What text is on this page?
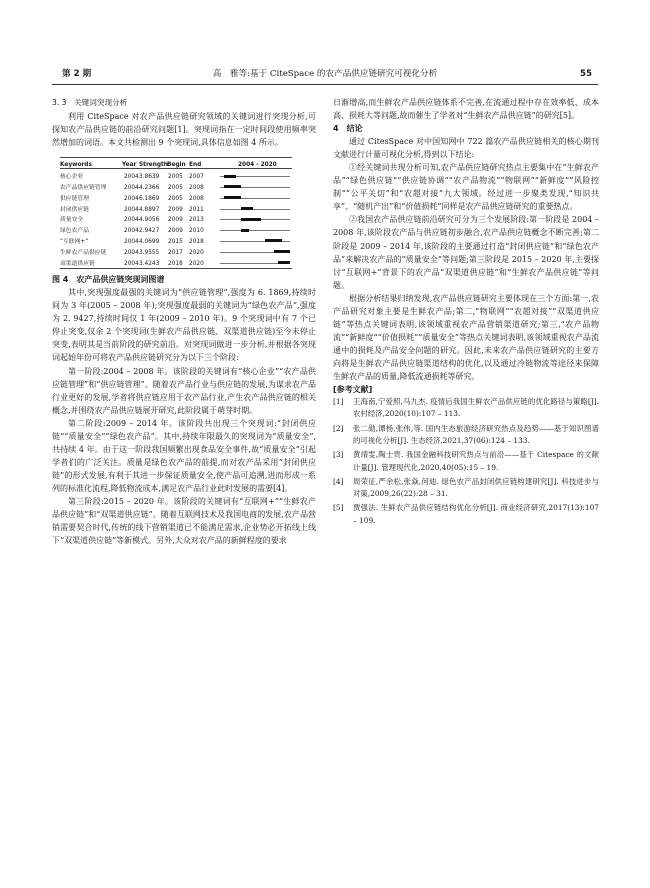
第 2 期	高　雅等:基于 CiteSpace 的农产品供应链研究可视化分析	55

3. 3　关键词突现分析

利用 CiteSpace 对农产品供应链研究领域的关键词进行突现分析,可探知农产品供应链的前沿研究问题[1]。突现词指在一定时间段使用频率突然增加的词语。本文共检测出 9 个突现词,具体信息如图 4 所示。

Keywords	Year Strength Begin End	2004 - 2020
核心企业	2004 3.8639 2005 2007
农产品供应链管理	2004 4.2366 2005 2008
供应链管理	2004 6.1869 2005 2008
封闭供应链	2004 4.8897 2009 2011
质量安全	2004 4.9056 2009 2013
绿色农产品	2004 2.9427 2009 2010
“互联网+”	2004 4.0699 2015 2018
生鲜农产品供应链	2004 3.9555 2017 2020
双渠道供应链	2004 3.4243 2018 2020

图 4　农产品供应链突现词图谱

其中,突现强度最强的关键词为“供应链管理”,强度为 6. 1869,持续时间为 3 年(2005 – 2008 年);突现强度最弱的关键词为“绿色农产品”,强度为 2. 9427,持续时间仅 1 年(2009 – 2010 年)。9 个突现词中有 7 个已停止突变,仅余 2 个突现词(生鲜农产品供应链、双渠道供应链)至今未停止突变,表明其是当前阶段的研究前沿。对突现词做进一步分析,并根据各突现词起始年份可将农产品供应链研究分为以下三个阶段:

第一阶段:2004 – 2008 年。该阶段的关键词有“核心企业”“农产品供应链管理”和“供应链管理”。随着农产品行业与供应链的发展,为谋求农产品行业更好的发展,学者将供应链应用于农产品行业,产生农产品供应链的相关概念,并围绕农产品供应链展开研究,此阶段属于萌芽时期。

第二阶段:2009 – 2014 年。该阶段共出现三个突现词:“封闭供应链”“质量安全”“绿色农产品”。其中,持续年限最久的突现词为“质量安全”,共持续 4 年。由于这一阶段我国频繁出现食品安全事件,故“质量安全”引起学者们的广泛关注。质量是绿色农产品的前提,而对农产品采用“封闭供应链”的形式发展,有利于其进一步保证质量安全,使产品可追溯,进而形成一系列的标准化流程,降低物流成本,满足农产品行业此时发展的需要[4]。

第三阶段:2015 – 2020 年。该阶段的关键词有“互联网+”“生鲜农产品供应链”和“双渠道供应链”。随着互联网技术及我国电商的发展,农产品营销需要契合时代,传统的线下营销渠道已不能满足需求,企业势必开拓线上线下“双渠道供应链”等新模式。另外,大众对农产品的新鲜程度的要求

日渐增高,而生鲜农产品供应链体系不完善,在流通过程中存在效率低、成本高、损耗大等问题,故而催生了学者对“生鲜农产品供应链”的研究[5]。

4　结论

通过 CitesSpace 对中国知网中 722 篇农产品供应链相关的核心期刊文献进行计量可视化分析,得到以下结论:

①经关键词共现分析可知,农产品供应链研究热点主要集中在“生鲜农产品”“绿色供应链”“供应链协调”“农产品物流”“物联网”“新鲜度”“风险控制”“公平关切”和“农超对接”九大领域。经过进一步聚类发现,“知识共享”、“随机产出”和“价值损耗”同样是农产品供应链研究的重要热点。

②我国农产品供应链前沿研究可分为三个发展阶段:第一阶段是 2004 – 2008 年,该阶段农产品与供应链初步融合,农产品供应链概念不断完善;第二阶段是 2009 – 2014 年,该阶段的主要通过打造“封闭供应链”和“绿色农产品”来解决农产品的“质量安全”等问题;第三阶段是 2015 – 2020 年,主要探讨“互联网+”背景下的农产品“双渠道供应链”和“生鲜农产品供应链”等问题。

根据分析结果归纳发现,农产品供应链研究主要体现在三个方面:第一,农产品研究对象主要是生鲜农产品;第二,“物联网”“农超对接”“双渠道供应链”等热点关键词表明,该领域重视农产品营销渠道研究;第三,“农产品物流”“新鲜度”“价值损耗”“质量安全”等热点关键词表明,该领域重视农产品流通中的损耗及产品安全问题的研究。因此,未来农产品供应链研究的主要方向将是生鲜农产品供应链渠道结构的优化,以及通过冷链物流等途径来保障生鲜农产品的质量,降低流通损耗等研究。

[参考文献]

[1]	王海南,宁爱照,马九杰. 疫情后我国生鲜农产品供应链的优化路径与策略[J]. 农村经济,2020(10):107 – 113.
[2]	张二勋,谭杨,张伟,等. 国内生态旅游经济研究热点及趋势——基于知识图谱的可视化分析[J]. 生态经济,2021,37(06):124 – 133.
[3]	黄靖雯,陶士贵. 我国金融科技研究热点与前沿——基于 Citespace 的文献计量[J]. 管理现代化,2020,40(05):15 – 19.
[4]	周荣征,严余松,张焱,何迪. 绿色农产品封闭供应链构建研究[J]. 科技进步与对策,2009,26(22):28 – 31.
[5]	贾强法. 生鲜农产品供应链结构优化分析[J]. 商业经济研究,2017(13):107 – 109.
